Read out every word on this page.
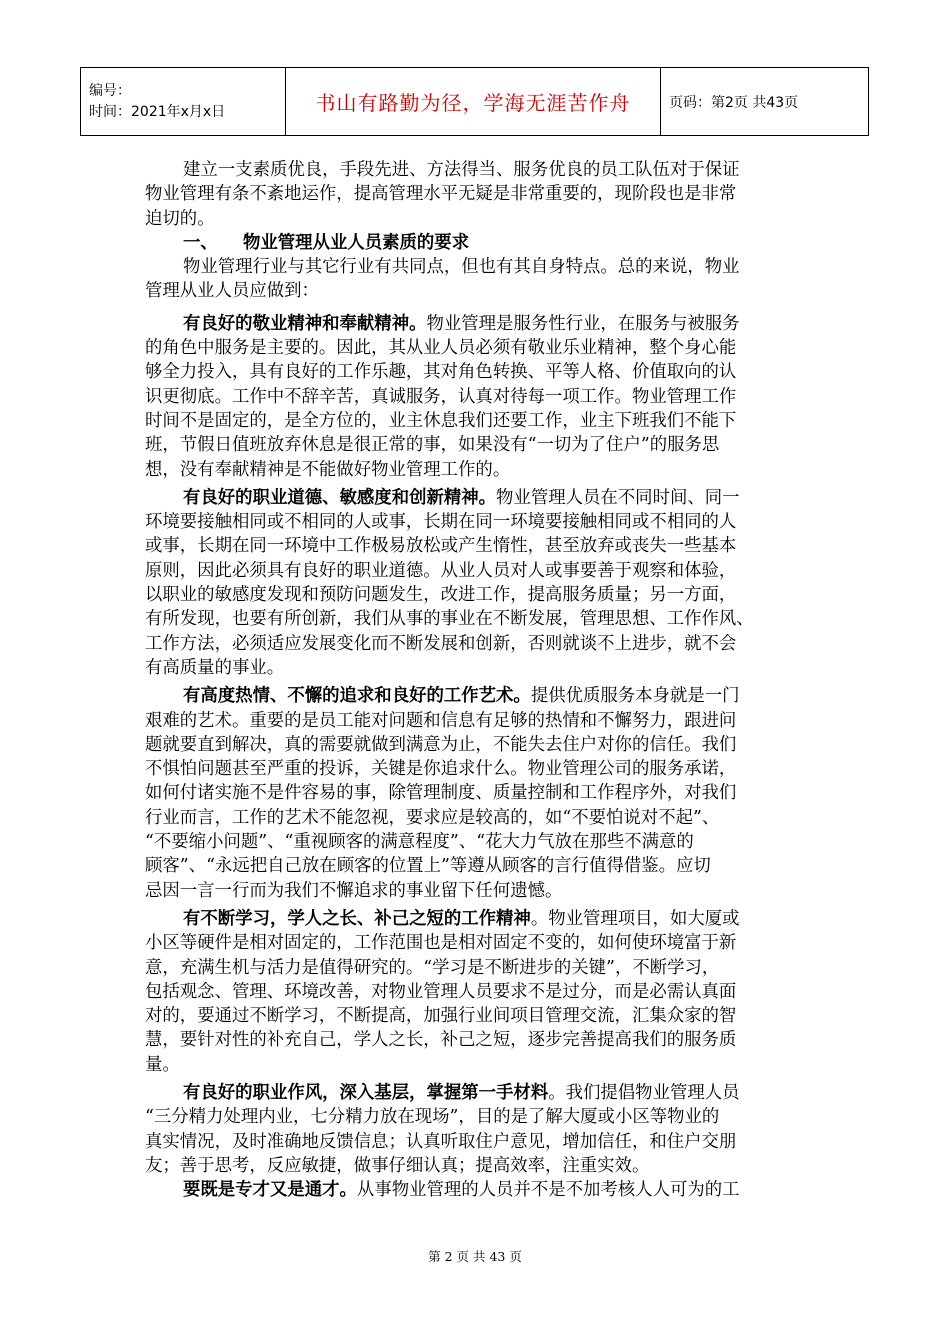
编号：
时间：2021年x月x日	书山有路勤为径，学海无涯苦作舟	页码：第2页 共43页
建立一支素质优良，手段先进、方法得当、服务优良的员工队伍对于保证
物业管理有条不紊地运作，提高管理水平无疑是非常重要的，现阶段也是非常
迫切的。
一、 物业管理从业人员素质的要求
物业管理行业与其它行业有共同点，但也有其自身特点。总的来说，物业
管理从业人员应做到：
有良好的敬业精神和奉献精神。物业管理是服务性行业，在服务与被服务
的角色中服务是主要的。因此，其从业人员必须有敬业乐业精神，整个身心能
够全力投入，具有良好的工作乐趣，其对角色转换、平等人格、价值取向的认
识更彻底。工作中不辞辛苦，真诚服务，认真对待每一项工作。物业管理工作
时间不是固定的，是全方位的，业主休息我们还要工作，业主下班我们不能下
班，节假日值班放弃休息是很正常的事，如果没有“一切为了住户”的服务思
想，没有奉献精神是不能做好物业管理工作的。
有良好的职业道德、敏感度和创新精神。物业管理人员在不同时间、同一
环境要接触相同或不相同的人或事，长期在同一环境要接触相同或不相同的人
或事，长期在同一环境中工作极易放松或产生惰性，甚至放弃或丧失一些基本
原则，因此必须具有良好的职业道德。从业人员对人或事要善于观察和体验，
以职业的敏感度发现和预防问题发生，改进工作，提高服务质量；另一方面，
有所发现，也要有所创新，我们从事的事业在不断发展，管理思想、工作作风、
工作方法，必须适应发展变化而不断发展和创新，否则就谈不上进步，就不会
有高质量的事业。
有高度热情、不懈的追求和良好的工作艺术。提供优质服务本身就是一门
艰难的艺术。重要的是员工能对问题和信息有足够的热情和不懈努力，跟进问
题就要直到解决，真的需要就做到满意为止，不能失去住户对你的信任。我们
不惧怕问题甚至严重的投诉，关键是你追求什么。物业管理公司的服务承诺，
如何付诸实施不是件容易的事，除管理制度、质量控制和工作程序外，对我们
行业而言，工作的艺术不能忽视，要求应是较高的，如“不要怕说对不起”、
“不要缩小问题”、“重视顾客的满意程度”、“花大力气放在那些不满意的
顾客”、“永远把自己放在顾客的位置上”等遵从顾客的言行值得借鉴。应切
忌因一言一行而为我们不懈追求的事业留下任何遗憾。
有不断学习，学人之长、补己之短的工作精神。物业管理项目，如大厦或
小区等硬件是相对固定的，工作范围也是相对固定不变的，如何使环境富于新
意，充满生机与活力是值得研究的。“学习是不断进步的关键”，不断学习，
包括观念、管理、环境改善，对物业管理人员要求不是过分，而是必需认真面
对的，要通过不断学习，不断提高，加强行业间项目管理交流，汇集众家的智
慧，要针对性的补充自己，学人之长，补己之短，逐步完善提高我们的服务质
量。
有良好的职业作风，深入基层，掌握第一手材料。我们提倡物业管理人员
“三分精力处理内业，七分精力放在现场”，目的是了解大厦或小区等物业的
真实情况，及时准确地反馈信息；认真听取住户意见，增加信任，和住户交朋
友；善于思考，反应敏捷，做事仔细认真；提高效率，注重实效。
要既是专才又是通才。从事物业管理的人员并不是不加考核人人可为的工
第 2 页 共 43 页
